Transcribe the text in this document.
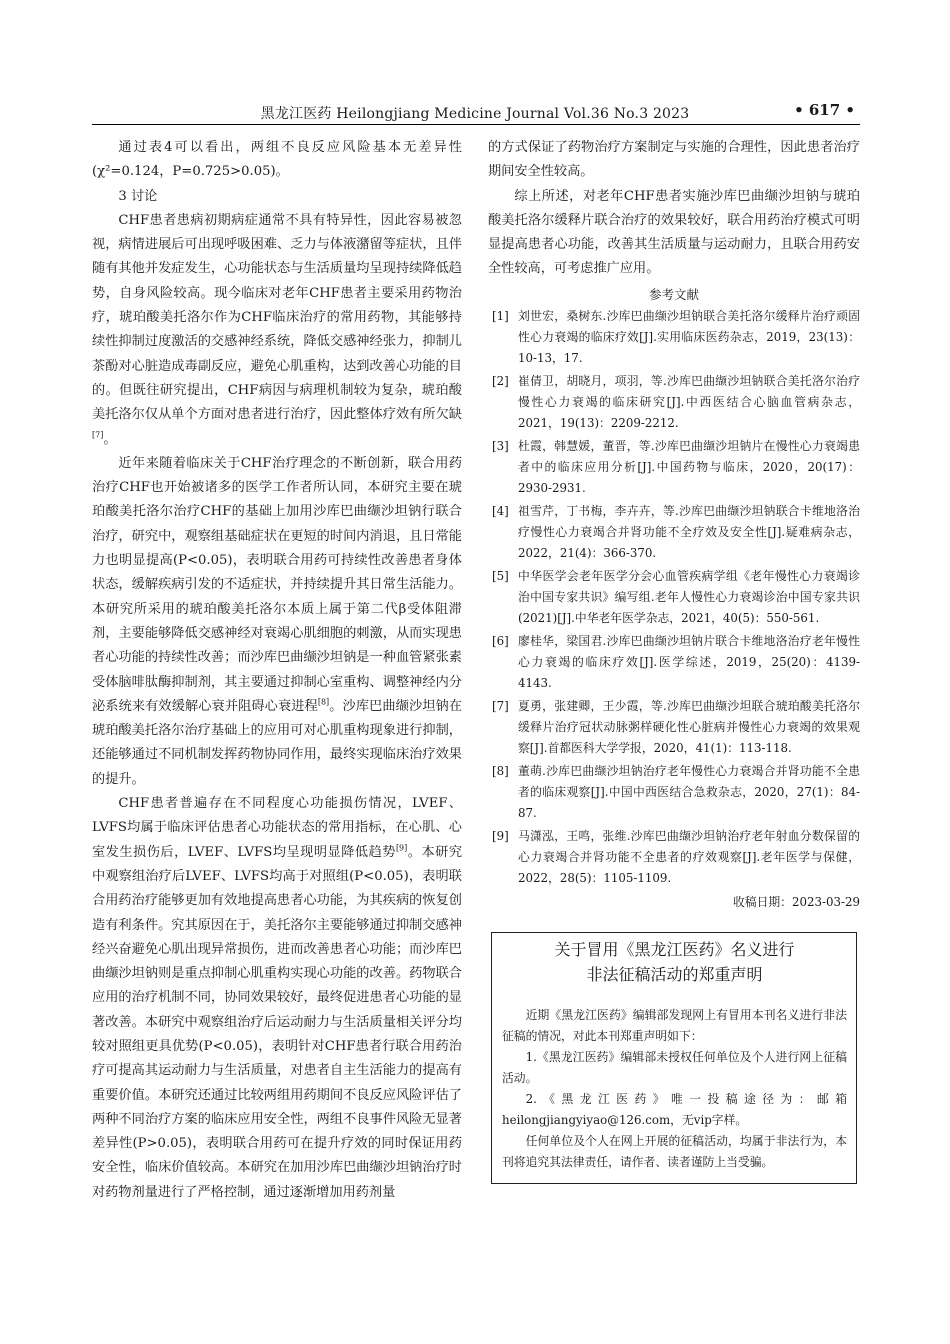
黑龙江医药 Heilongjiang Medicine Journal Vol.36 No.3 2023	• 617 •

通过表4可以看出，两组不良反应风险基本无差异性(χ²=0.124，P=0.725>0.05)。

3 讨论

CHF患者患病初期病症通常不具有特异性，因此容易被忽视，病情进展后可出现呼吸困难、乏力与体液潴留等症状，且伴随有其他并发症发生，心功能状态与生活质量均呈现持续降低趋势，自身风险较高。现今临床对老年CHF患者主要采用药物治疗，琥珀酸美托洛尔作为CHF临床治疗的常用药物，其能够持续性抑制过度激活的交感神经系统，降低交感神经张力，抑制儿茶酚对心脏造成毒副反应，避免心肌重构，达到改善心功能的目的。但既往研究提出，CHF病因与病理机制较为复杂，琥珀酸美托洛尔仅从单个方面对患者进行治疗，因此整体疗效有所欠缺[7]。

近年来随着临床关于CHF治疗理念的不断创新，联合用药治疗CHF也开始被诸多的医学工作者所认同，本研究主要在琥珀酸美托洛尔治疗CHF的基础上加用沙库巴曲缬沙坦钠行联合治疗，研究中，观察组基础症状在更短的时间内消退，且日常能力也明显提高(P<0.05)，表明联合用药可持续性改善患者身体状态，缓解疾病引发的不适症状，并持续提升其日常生活能力。本研究所采用的琥珀酸美托洛尔本质上属于第二代β受体阻滞剂，主要能够降低交感神经对衰竭心肌细胞的刺激，从而实现患者心功能的持续性改善；而沙库巴曲缬沙坦钠是一种血管紧张素受体脑啡肽酶抑制剂，其主要通过抑制心室重构、调整神经内分泌系统来有效缓解心衰并阻碍心衰进程[8]。沙库巴曲缬沙坦钠在琥珀酸美托洛尔治疗基础上的应用可对心肌重构现象进行抑制，还能够通过不同机制发挥药物协同作用，最终实现临床治疗效果的提升。

CHF患者普遍存在不同程度心功能损伤情况，LVEF、LVFS均属于临床评估患者心功能状态的常用指标，在心肌、心室发生损伤后，LVEF、LVFS均呈现明显降低趋势[9]。本研究中观察组治疗后LVEF、LVFS均高于对照组(P<0.05)，表明联合用药治疗能够更加有效地提高患者心功能，为其疾病的恢复创造有利条件。究其原因在于，美托洛尔主要能够通过抑制交感神经兴奋避免心肌出现异常损伤，进而改善患者心功能；而沙库巴曲缬沙坦钠则是重点抑制心肌重构实现心功能的改善。药物联合应用的治疗机制不同，协同效果较好，最终促进患者心功能的显著改善。本研究中观察组治疗后运动耐力与生活质量相关评分均较对照组更具优势(P<0.05)，表明针对CHF患者行联合用药治疗可提高其运动耐力与生活质量，对患者自主生活能力的提高有重要价值。本研究还通过比较两组用药期间不良反应风险评估了两种不同治疗方案的临床应用安全性，两组不良事件风险无显著差异性(P>0.05)，表明联合用药可在提升疗效的同时保证用药安全性，临床价值较高。本研究在加用沙库巴曲缬沙坦钠治疗时对药物剂量进行了严格控制，通过逐渐增加用药剂量

的方式保证了药物治疗方案制定与实施的合理性，因此患者治疗期间安全性较高。

综上所述，对老年CHF患者实施沙库巴曲缬沙坦钠与琥珀酸美托洛尔缓释片联合治疗的效果较好，联合用药治疗模式可明显提高患者心功能，改善其生活质量与运动耐力，且联合用药安全性较高，可考虑推广应用。

参考文献
[1] 刘世宏，桑树东.沙库巴曲缬沙坦钠联合美托洛尔缓释片治疗顽固性心力衰竭的临床疗效[J].实用临床医药杂志，2019，23(13)：10-13，17.
[2] 崔倩卫，胡晓月，项羽，等.沙库巴曲缬沙坦钠联合美托洛尔治疗慢性心力衰竭的临床研究[J].中西医结合心脑血管病杂志，2021，19(13)：2209-2212.
[3] 杜霞，韩慧媛，董晋，等.沙库巴曲缬沙坦钠片在慢性心力衰竭患者中的临床应用分析[J].中国药物与临床，2020，20(17)：2930-2931.
[4] 祖雪芹，丁书梅，李卉卉，等.沙库巴曲缬沙坦钠联合卡维地洛治疗慢性心力衰竭合并肾功能不全疗效及安全性[J].疑难病杂志，2022，21(4)：366-370.
[5] 中华医学会老年医学分会心血管疾病学组《老年慢性心力衰竭诊治中国专家共识》编写组.老年人慢性心力衰竭诊治中国专家共识(2021)[J].中华老年医学杂志，2021，40(5)：550-561.
[6] 廖桂华，梁国君.沙库巴曲缬沙坦钠片联合卡维地洛治疗老年慢性心力衰竭的临床疗效[J].医学综述，2019，25(20)：4139-4143.
[7] 夏勇，张建卿，王少霞，等.沙库巴曲缬沙坦联合琥珀酸美托洛尔缓释片治疗冠状动脉粥样硬化性心脏病并慢性心力衰竭的效果观察[J].首都医科大学学报，2020，41(1)：113-118.
[8] 董萌.沙库巴曲缬沙坦钠治疗老年慢性心力衰竭合并肾功能不全患者的临床观察[J].中国中西医结合急救杂志，2020，27(1)：84-87.
[9] 马潇泓，王鸣，张维.沙库巴曲缬沙坦钠治疗老年射血分数保留的心力衰竭合并肾功能不全患者的疗效观察[J].老年医学与保健，2022，28(5)：1105-1109.
收稿日期：2023-03-29
关于冒用《黑龙江医药》名义进行
非法征稿活动的郑重声明

近期《黑龙江医药》编辑部发现网上有冒用本刊名义进行非法征稿的情况，对此本刊郑重声明如下：

1.《黑龙江医药》编辑部未授权任何单位及个人进行网上征稿活动。

2.《黑龙江医药》唯一投稿途径为：邮箱heilongjiangyiyao@126.com，无vip字样。

任何单位及个人在网上开展的征稿活动，均属于非法行为，本刊将追究其法律责任，请作者、读者谨防上当受骗。
